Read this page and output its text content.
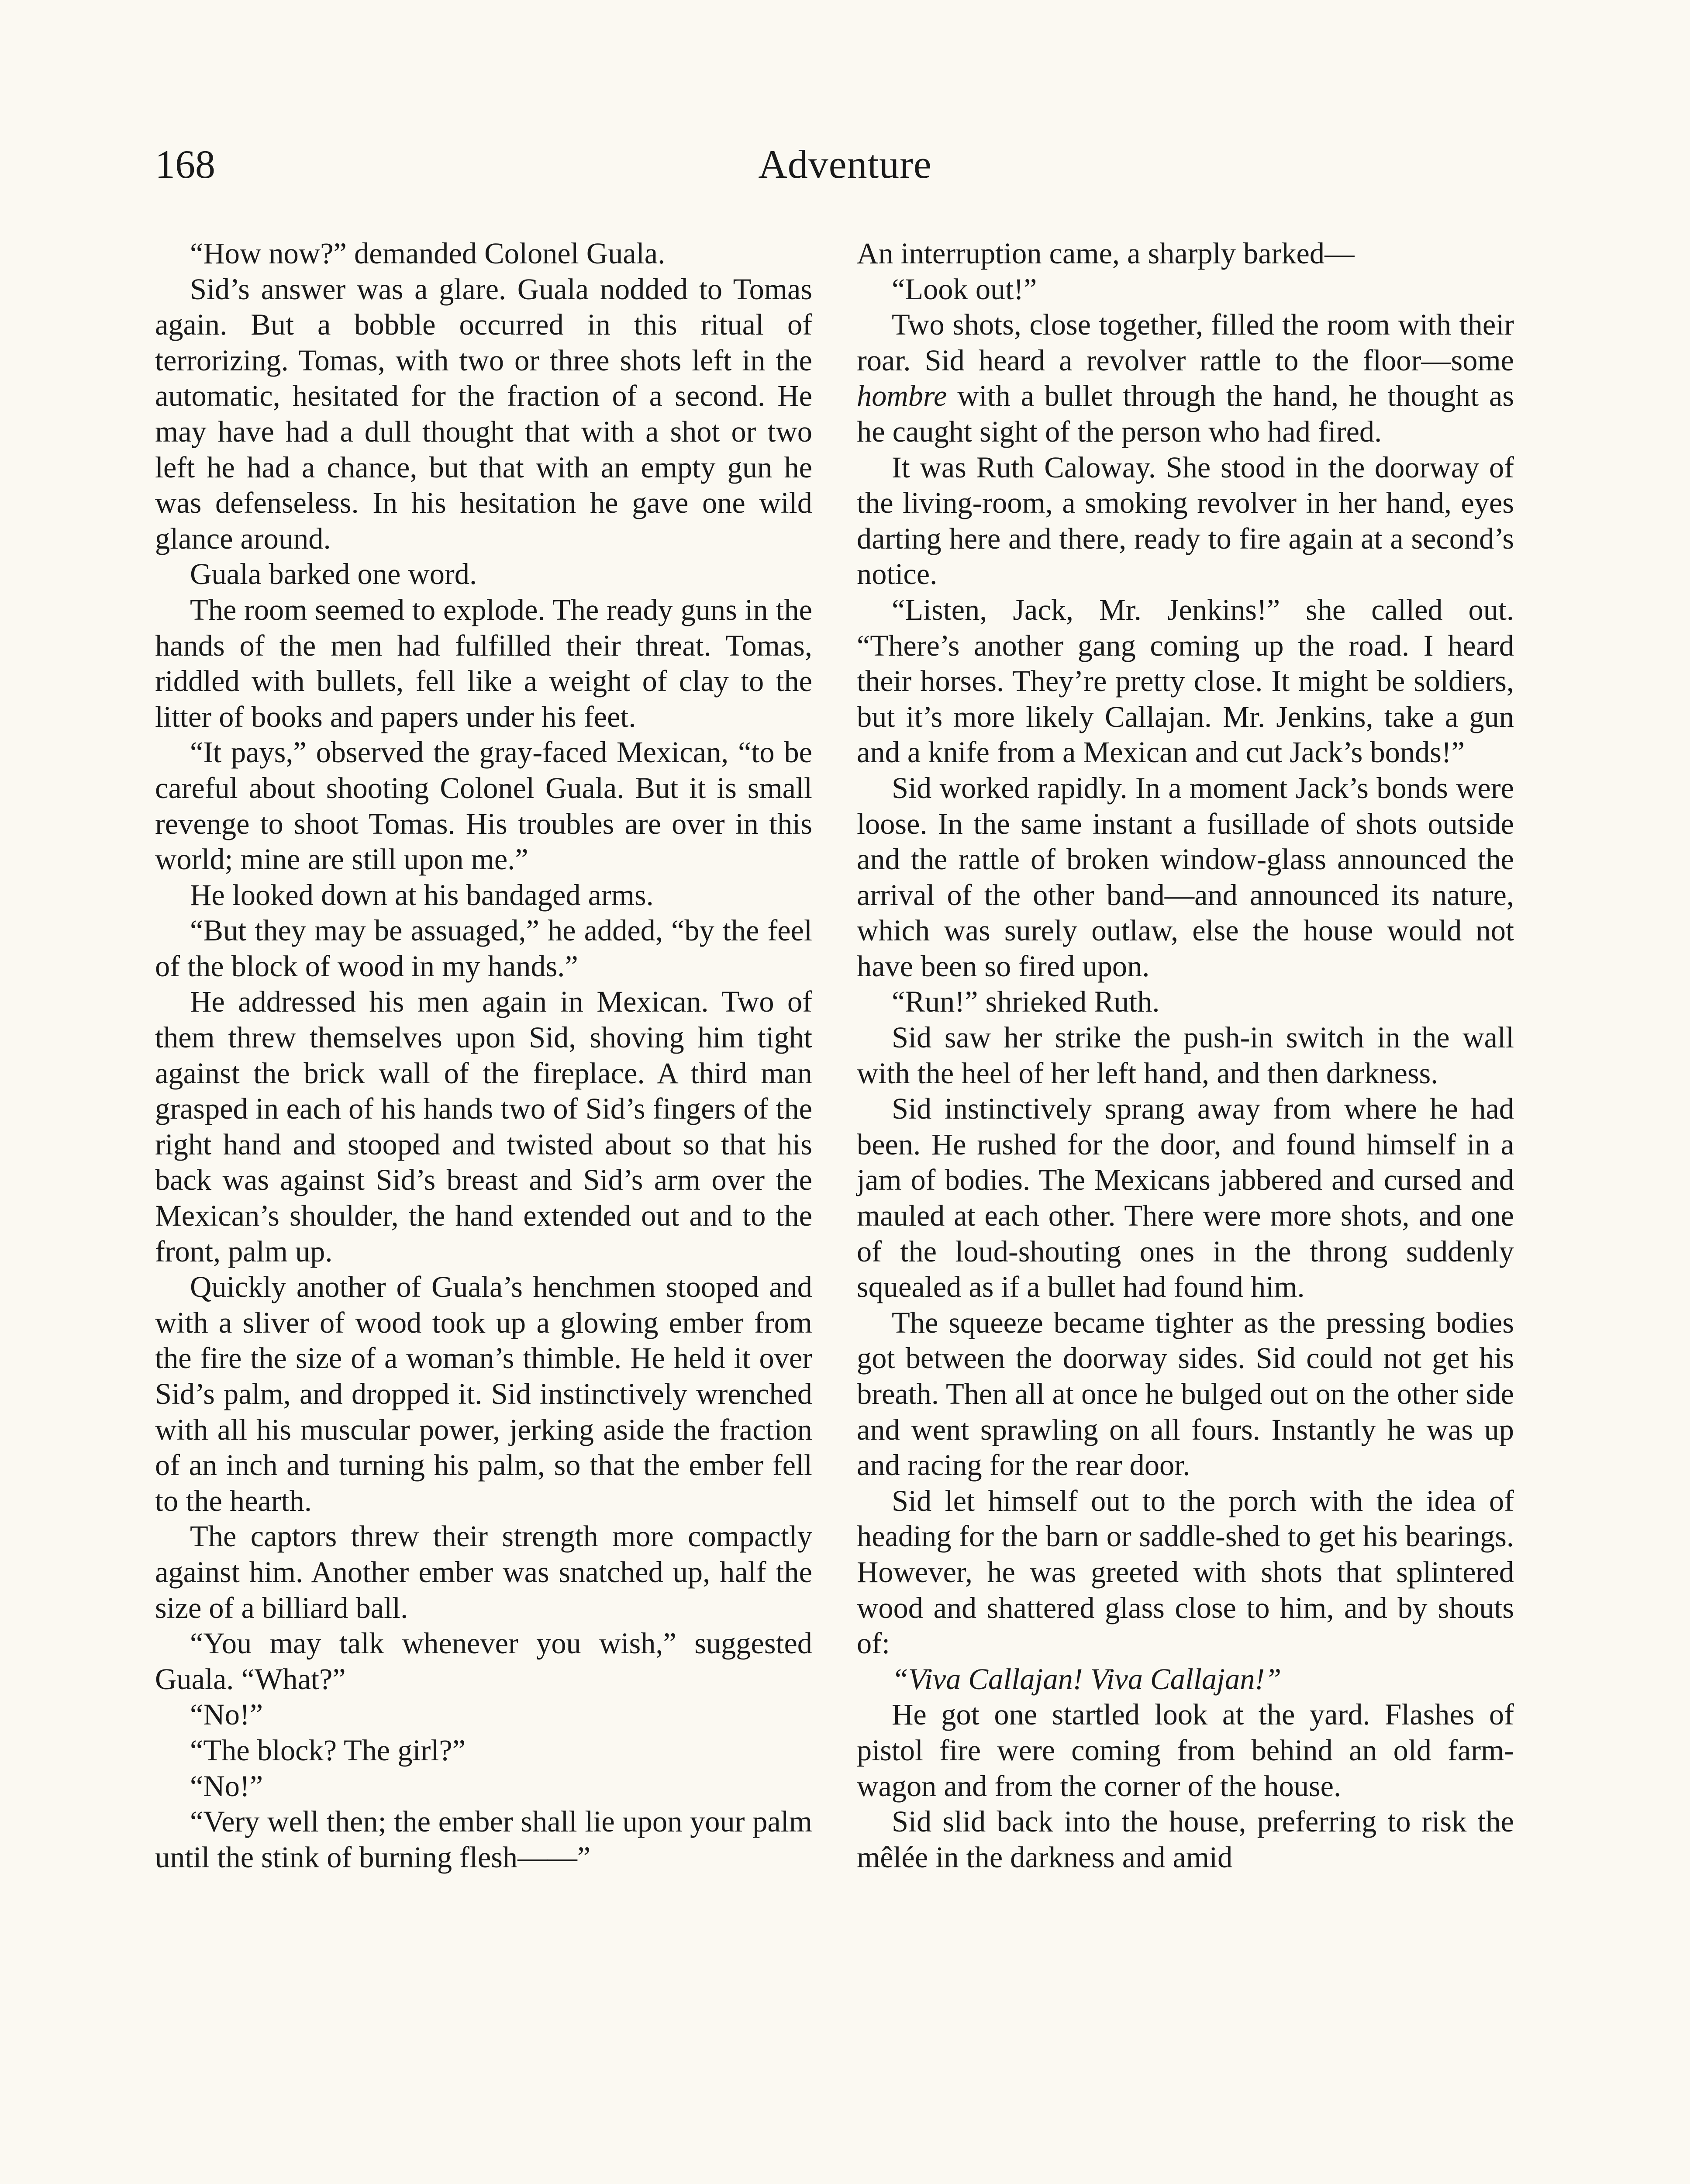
168	Adventure

“How now?” demanded Colonel Guala.

Sid’s answer was a glare. Guala nodded to Tomas again. But a bobble occurred in this ritual of terrorizing. Tomas, with two or three shots left in the automatic, hesitated for the fraction of a second. He may have had a dull thought that with a shot or two left he had a chance, but that with an empty gun he was defenseless. In his hesitation he gave one wild glance around.

Guala barked one word.

The room seemed to explode. The ready guns in the hands of the men had fulfilled their threat. Tomas, riddled with bullets, fell like a weight of clay to the litter of books and papers under his feet.

“It pays,” observed the gray-faced Mexican, “to be careful about shooting Colonel Guala. But it is small revenge to shoot Tomas. His troubles are over in this world; mine are still upon me.”

He looked down at his bandaged arms.

“But they may be assuaged,” he added, “by the feel of the block of wood in my hands.”

He addressed his men again in Mexican. Two of them threw themselves upon Sid, shoving him tight against the brick wall of the fireplace. A third man grasped in each of his hands two of Sid’s fingers of the right hand and stooped and twisted about so that his back was against Sid’s breast and Sid’s arm over the Mexican’s shoulder, the hand extended out and to the front, palm up.

Quickly another of Guala’s henchmen stooped and with a sliver of wood took up a glowing ember from the fire the size of a woman’s thimble. He held it over Sid’s palm, and dropped it. Sid instinctively wrenched with all his muscular power, jerking aside the fraction of an inch and turning his palm, so that the ember fell to the hearth.

The captors threw their strength more compactly against him. Another ember was snatched up, half the size of a billiard ball.

“You may talk whenever you wish,” suggested Guala. “What?”

“No!”

“The block? The girl?”

“No!”

“Very well then; the ember shall lie upon your palm until the stink of burning flesh——”

An interruption came, a sharply barked—

“Look out!”

Two shots, close together, filled the room with their roar. Sid heard a revolver rattle to the floor—some hombre with a bullet through the hand, he thought as he caught sight of the person who had fired.

It was Ruth Caloway. She stood in the doorway of the living-room, a smoking revolver in her hand, eyes darting here and there, ready to fire again at a second’s notice.

“Listen, Jack, Mr. Jenkins!” she called out. “There’s another gang coming up the road. I heard their horses. They’re pretty close. It might be soldiers, but it’s more likely Callajan. Mr. Jenkins, take a gun and a knife from a Mexican and cut Jack’s bonds!”

Sid worked rapidly. In a moment Jack’s bonds were loose. In the same instant a fusillade of shots outside and the rattle of broken window-glass announced the arrival of the other band—and announced its nature, which was surely outlaw, else the house would not have been so fired upon.

“Run!” shrieked Ruth.

Sid saw her strike the push-in switch in the wall with the heel of her left hand, and then darkness.

Sid instinctively sprang away from where he had been. He rushed for the door, and found himself in a jam of bodies. The Mexicans jabbered and cursed and mauled at each other. There were more shots, and one of the loud-shouting ones in the throng suddenly squealed as if a bullet had found him.

The squeeze became tighter as the pressing bodies got between the doorway sides. Sid could not get his breath. Then all at once he bulged out on the other side and went sprawling on all fours. Instantly he was up and racing for the rear door.

Sid let himself out to the porch with the idea of heading for the barn or saddle-shed to get his bearings. However, he was greeted with shots that splintered wood and shattered glass close to him, and by shouts of:

“Viva Callajan! Viva Callajan!”

He got one startled look at the yard. Flashes of pistol fire were coming from behind an old farm-wagon and from the corner of the house.

Sid slid back into the house, preferring to risk the mêlée in the darkness and amid
